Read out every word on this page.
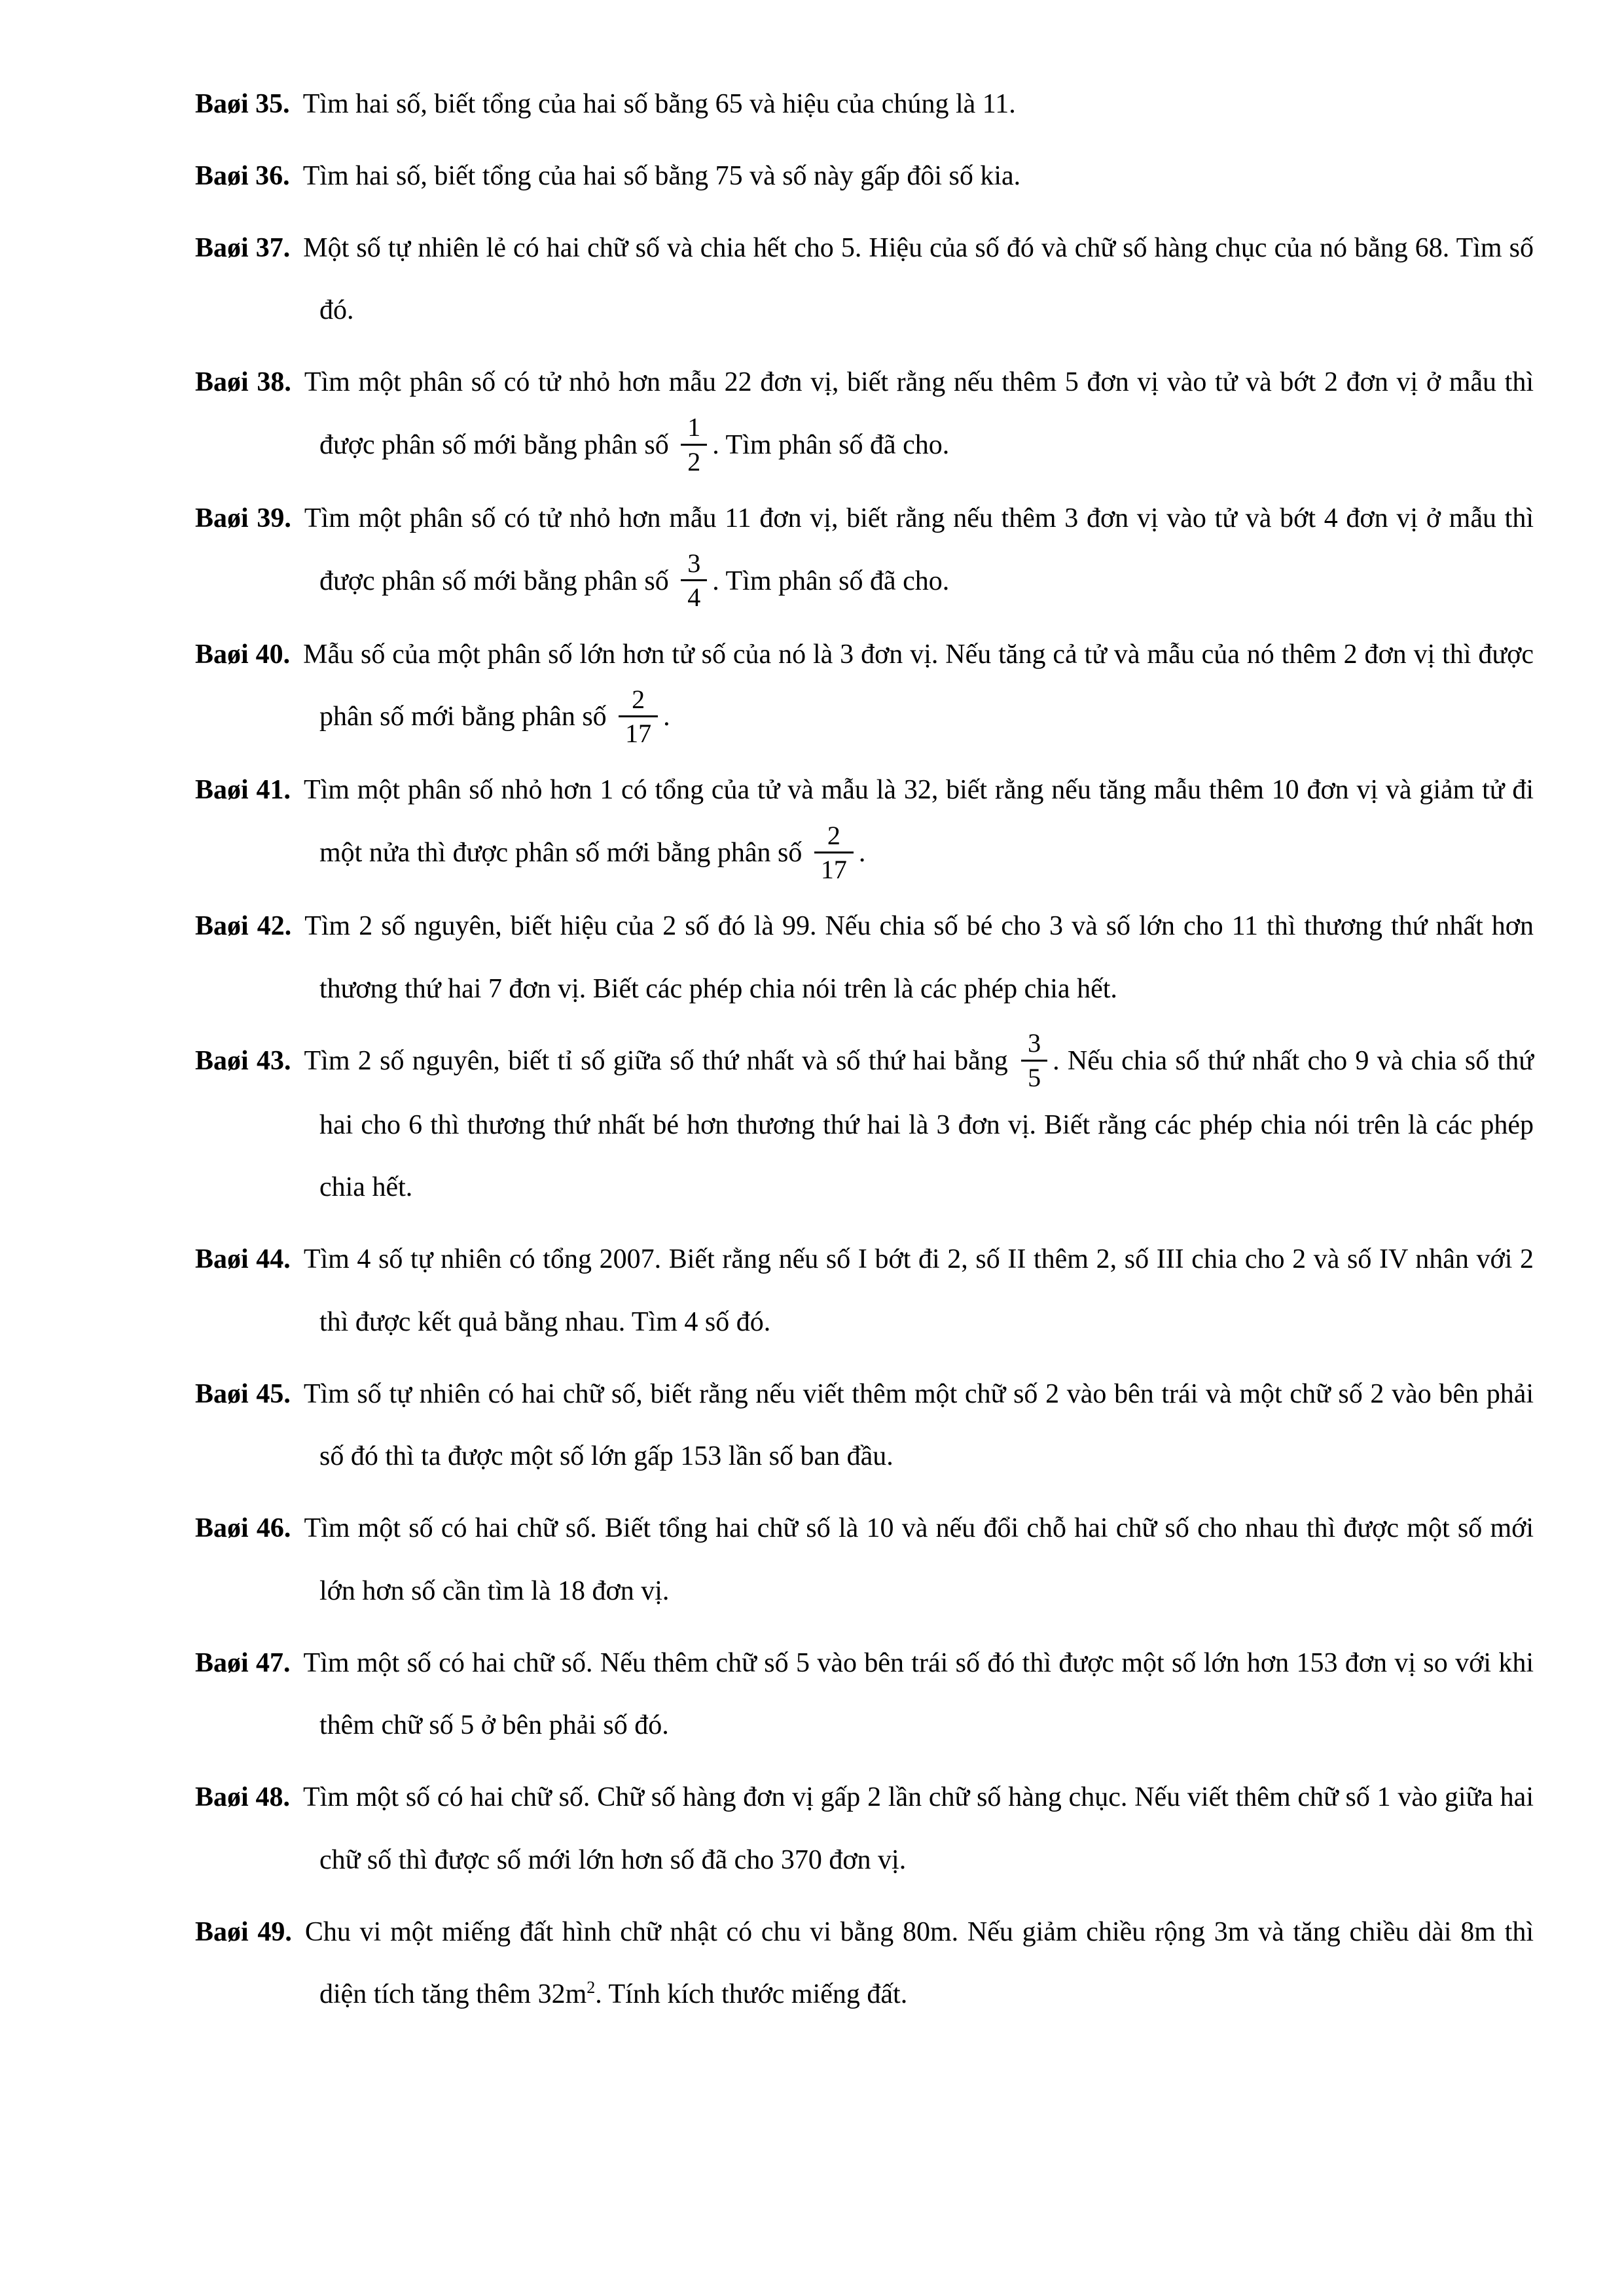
Baøi 35. Tìm hai số, biết tổng của hai số bằng 65 và hiệu của chúng là 11.
Baøi 36. Tìm hai số, biết tổng của hai số bằng 75 và số này gấp đôi số kia.
Baøi 37. Một số tự nhiên lẻ có hai chữ số và chia hết cho 5. Hiệu của số đó và chữ số hàng chục của nó bằng 68. Tìm số đó.
Baøi 38. Tìm một phân số có tử nhỏ hơn mẫu 22 đơn vị, biết rằng nếu thêm 5 đơn vị vào tử và bớt 2 đơn vị ở mẫu thì được phân số mới bằng phân số $\frac{1}{2}$ . Tìm phân số đã cho.
Baøi 39. Tìm một phân số có tử nhỏ hơn mẫu 11 đơn vị, biết rằng nếu thêm 3 đơn vị vào tử và bớt 4 đơn vị ở mẫu thì được phân số mới bằng phân số $\frac{3}{4}$ . Tìm phân số đã cho.
Baøi 40. Mẫu số của một phân số lớn hơn tử số của nó là 3 đơn vị. Nếu tăng cả tử và mẫu của nó thêm 2 đơn vị thì được phân số mới bằng phân số $\frac{2}{17}$ .
Baøi 41. Tìm một phân số nhỏ hơn 1 có tổng của tử và mẫu là 32, biết rằng nếu tăng mẫu thêm 10 đơn vị và giảm tử đi một nửa thì được phân số mới bằng phân số $\frac{2}{17}$ .
Baøi 42. Tìm 2 số nguyên, biết hiệu của 2 số đó là 99. Nếu chia số bé cho 3 và số lớn cho 11 thì thương thứ nhất hơn thương thứ hai 7 đơn vị. Biết các phép chia nói trên là các phép chia hết.
Baøi 43. Tìm 2 số nguyên, biết tỉ số giữa số thứ nhất và số thứ hai bằng $\frac{3}{5}$ . Nếu chia số thứ nhất cho 9 và chia số thứ hai cho 6 thì thương thứ nhất bé hơn thương thứ hai là 3 đơn vị. Biết rằng các phép chia nói trên là các phép chia hết.
Baøi 44. Tìm 4 số tự nhiên có tổng 2007. Biết rằng nếu số I bớt đi 2, số II thêm 2, số III chia cho 2 và số IV nhân với 2 thì được kết quả bằng nhau. Tìm 4 số đó.
Baøi 45. Tìm số tự nhiên có hai chữ số, biết rằng nếu viết thêm một chữ số 2 vào bên trái và một chữ số 2 vào bên phải số đó thì ta được một số lớn gấp 153 lần số ban đầu.
Baøi 46. Tìm một số có hai chữ số. Biết tổng hai chữ số là 10 và nếu đổi chỗ hai chữ số cho nhau thì được một số mới lớn hơn số cần tìm là 18 đơn vị.
Baøi 47. Tìm một số có hai chữ số. Nếu thêm chữ số 5 vào bên trái số đó thì được một số lớn hơn 153 đơn vị so với khi thêm chữ số 5 ở bên phải số đó.
Baøi 48. Tìm một số có hai chữ số. Chữ số hàng đơn vị gấp 2 lần chữ số hàng chục. Nếu viết thêm chữ số 1 vào giữa hai chữ số thì được số mới lớn hơn số đã cho 370 đơn vị.
Baøi 49. Chu vi một miếng đất hình chữ nhật có chu vi bằng 80m. Nếu giảm chiều rộng 3m và tăng chiều dài 8m thì diện tích tăng thêm $32m^2$. Tính kích thước miếng đất.
